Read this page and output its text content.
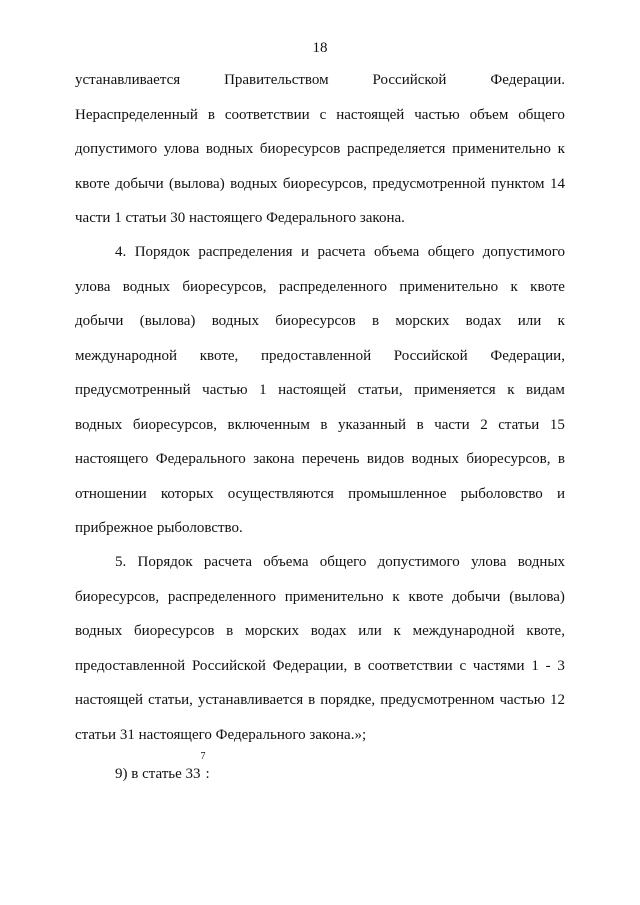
18
устанавливается	Правительством	Российской	Федерации.
Нераспределенный в соответствии с настоящей частью объем общего
допустимого улова водных биоресурсов распределяется применительно к
квоте добычи (вылова) водных биоресурсов, предусмотренной пунктом 14
части 1 статьи 30 настоящего Федерального закона.
4. Порядок распределения и расчета объема общего допустимого
улова водных биоресурсов, распределенного применительно к квоте
добычи (вылова) водных биоресурсов в морских водах или к
международной квоте, предоставленной Российской Федерации,
предусмотренный частью 1 настоящей статьи, применяется к видам
водных биоресурсов, включенным в указанный в части 2 статьи 15
настоящего Федерального закона перечень видов водных биоресурсов, в
отношении которых осуществляются промышленное рыболовство и
прибрежное рыболовство.
5. Порядок расчета объема общего допустимого улова водных
биоресурсов, распределенного применительно к квоте добычи (вылова)
водных биоресурсов в морских водах или к международной квоте,
предоставленной Российской Федерации, в соответствии с частями 1 - 3
настоящей статьи, устанавливается в порядке, предусмотренном частью 12
статьи 31 настоящего Федерального закона.»;
9) в статье 33
7
:
